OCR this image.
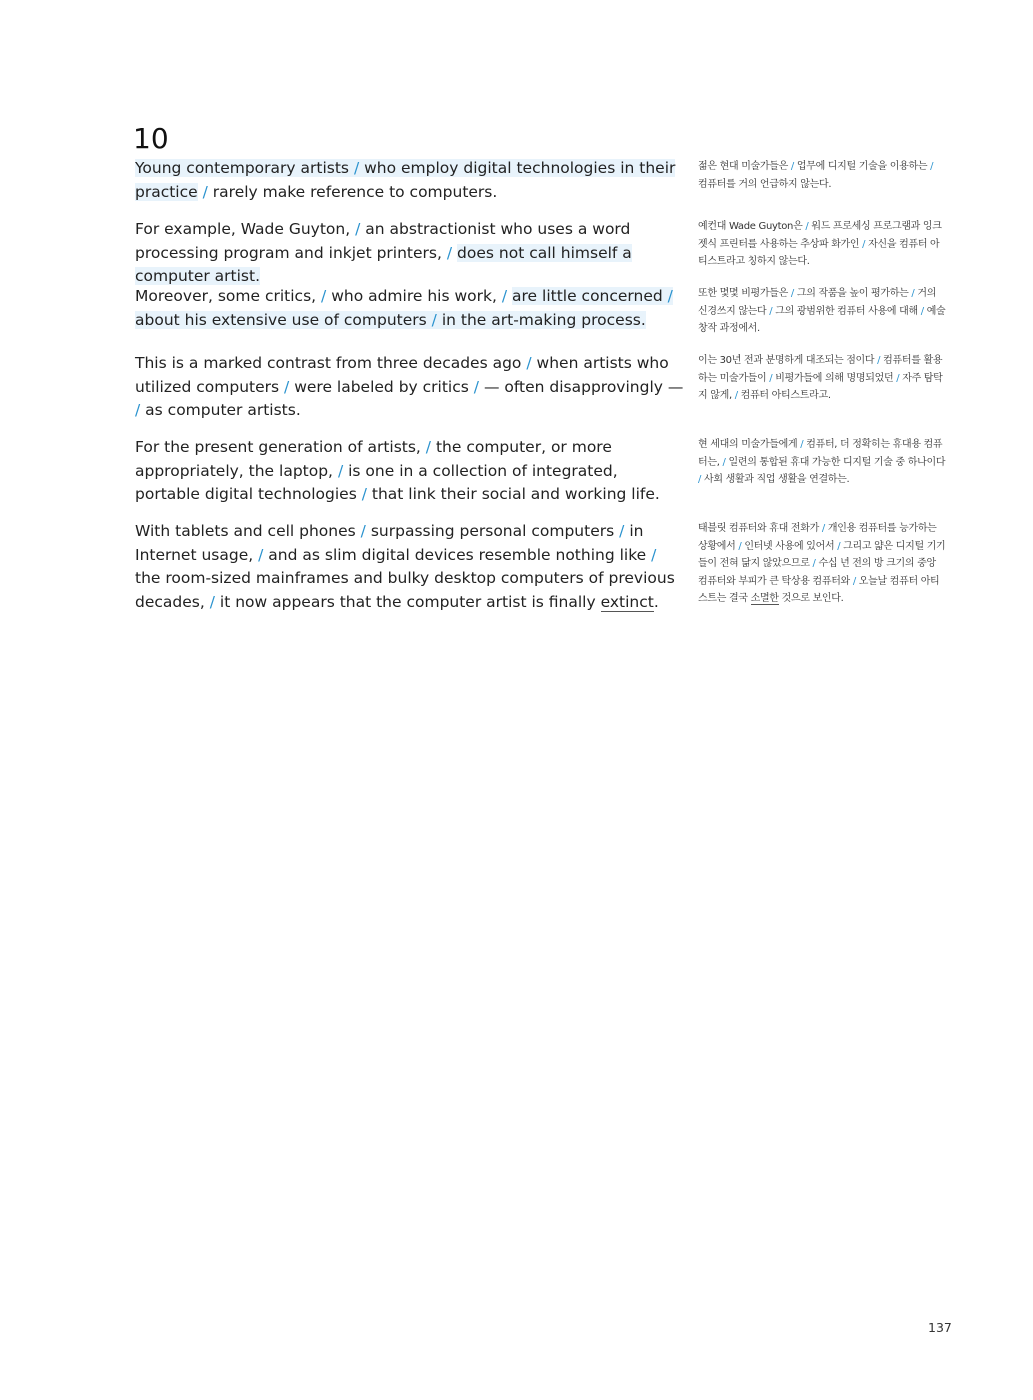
10
Young contemporary artists / who employ digital technologies in their practice / rarely make reference to computers.
젊은 현대 미술가들은 / 업무에 디지털 기술을 이용하는 /
컴퓨터를 거의 언급하지 않는다.
For example, Wade Guyton, / an abstractionist who uses a word processing program and inkjet printers, / does not call himself a computer artist.
예컨대 Wade Guyton은 / 워드 프로세싱 프로그램과 잉크젯식 프린터를 사용하는 추상파 화가인 / 자신을 컴퓨터 아티스트라고 칭하지 않는다.
Moreover, some critics, / who admire his work, / are little concerned / about his extensive use of computers / in the art-making process.
또한 몇몇 비평가들은 / 그의 작품을 높이 평가하는 / 거의 신경쓰지 않는다 / 그의 광범위한 컴퓨터 사용에 대해 / 예술 창작 과정에서.
This is a marked contrast from three decades ago / when artists who utilized computers / were labeled by critics / — often disapprovingly — / as computer artists.
이는 30년 전과 분명하게 대조되는 점이다 / 컴퓨터를 활용하는 미술가들이 / 비평가들에 의해 명명되었던 / 자주 탐탁지 않게, / 컴퓨터 아티스트라고.
For the present generation of artists, / the computer, or more appropriately, the laptop, / is one in a collection of integrated, portable digital technologies / that link their social and working life.
현 세대의 미술가들에게 / 컴퓨터, 더 정확히는 휴대용 컴퓨터는, / 일련의 통합된 휴대 가능한 디지털 기술 중 하나이다 / 사회 생활과 직업 생활을 연결하는.
With tablets and cell phones / surpassing personal computers / in Internet usage, / and as slim digital devices resemble nothing like / the room-sized mainframes and bulky desktop computers of previous decades, / it now appears that the computer artist is finally extinct.
태블릿 컴퓨터와 휴대 전화가 / 개인용 컴퓨터를 능가하는 상황에서 / 인터넷 사용에 있어서 / 그리고 얇은 디지털 기기들이 전혀 닮지 않았으므로 / 수십 년 전의 방 크기의 중앙 컴퓨터와 부피가 큰 탁상용 컴퓨터와 / 오늘날 컴퓨터 아티스트는 결국 소멸한 것으로 보인다.
137
